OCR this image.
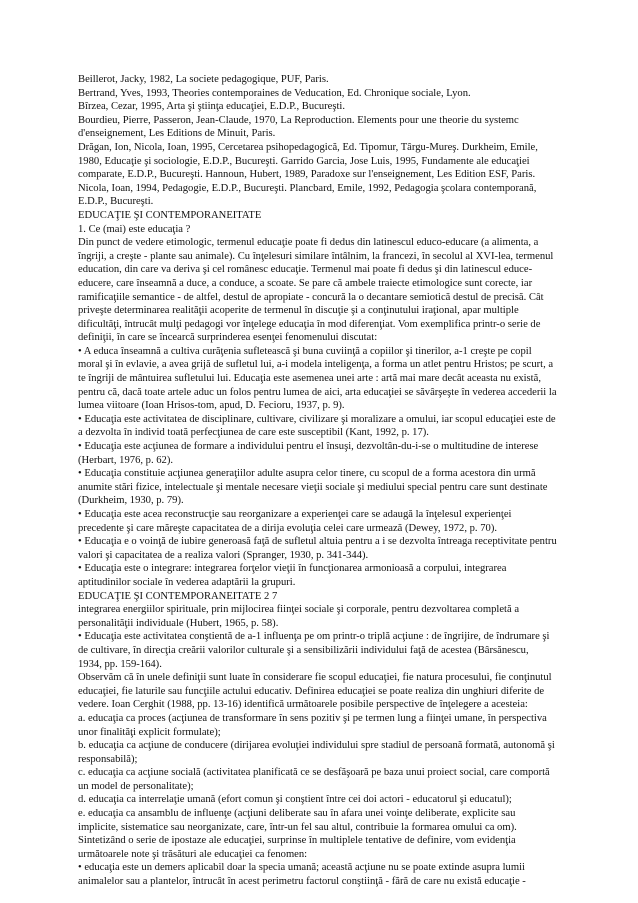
Beillerot, Jacky, 1982, La societe pedagogique, PUF, Paris.
Bertrand, Yves, 1993, Theories contemporaines de Veducation, Ed. Chronique sociale, Lyon.
Bîrzea, Cezar, 1995, Arta şi ştiinţa educaţiei, E.D.P., Bucureşti.
Bourdieu, Pierre, Passeron, Jean-Claude, 1970, La Reproduction. Elements pour une theorie du systemc
d'enseignement, Les Editions de Minuit, Paris.
Drăgan, Ion, Nicola, Ioan, 1995, Cercetarea psihopedagogică, Ed. Tipomur, Târgu-Mureş. Durkheim, Emile,
1980, Educaţie şi sociologie, E.D.P., Bucureşti. Garrido Garcia, Jose Luis, 1995, Fundamente ale educaţiei
comparate, E.D.P., Bucureşti. Hannoun, Hubert, 1989, Paradoxe sur l'enseignement, Les Edition ESF, Paris.
Nicola, Ioan, 1994, Pedagogie, E.D.P., Bucureşti. Plancbard, Emile, 1992, Pedagogia şcolara contemporană,
E.D.P., Bucureşti.
EDUCAŢIE ŞI CONTEMPORANEITATE
1. Ce (mai) este educaţia ?
Din punct de vedere etimologic, termenul educaţie poate fi dedus din latinescul educo-educare (a alimenta, a
îngriji, a creşte - plante sau animale). Cu înţelesuri similare întâlnim, la francezi, în secolul al XVI-lea, termenul
education, din care va deriva şi cel românesc educaţie. Termenul mai poate fi dedus şi din latinescul educe-
educere, care înseamnă a duce, a conduce, a scoate. Se pare că ambele traiecte etimologice sunt corecte, iar
ramificaţiile semantice - de altfel, destul de apropiate - concură la o decantare semiotică destul de precisă. Cât
priveşte determinarea realităţii acoperite de termenul în discuţie şi a conţinutului iraţional, apar multiple
dificultăţi, întrucât mulţi pedagogi vor înţelege educaţia în mod diferenţiat. Vom exemplifica printr-o serie de
definiţii, în care se încearcă surprinderea esenţei fenomenului discutat:
• A educa înseamnă a cultiva curăţenia sufletească şi buna cuviinţă a copiilor şi tinerilor, a-1 creşte pe copil
moral şi în evlavie, a avea grijă de sufletul lui, a-i modela inteligenţa, a forma un atlet pentru Hristos; pe scurt, a
te îngriji de mântuirea sufletului lui. Educaţia este asemenea unei arte : artă mai mare decât aceasta nu există,
pentru că, dacă toate artele aduc un folos pentru lumea de aici, arta educaţiei se săvârşeşte în vederea accederii la
lumea viitoare (Ioan Hrisos-tom, apud, D. Fecioru, 1937, p. 9).
• Educaţia este activitatea de disciplinare, cultivare, civilizare şi moralizare a omului, iar scopul educaţiei este de
a dezvolta în individ toată perfecţiunea de care este susceptibil (Kant, 1992, p. 17).
• Educaţia este acţiunea de formare a individului pentru el însuşi, dezvoltân-du-i-se o multitudine de interese
(Herbart, 1976, p. 62).
• Educaţia constituie acţiunea generaţiilor adulte asupra celor tinere, cu scopul de a forma acestora din urmă
anumite stări fizice, intelectuale şi mentale necesare vieţii sociale şi mediului special pentru care sunt destinate
(Durkheim, 1930, p. 79).
• Educaţia este acea reconstrucţie sau reorganizare a experienţei care se adaugă la înţelesul experienţei
precedente şi care măreşte capacitatea de a dirija evoluţia celei care urmează (Dewey, 1972, p. 70).
• Educaţia e o voinţă de iubire generoasă faţă de sufletul altuia pentru a i se dezvolta întreaga receptivitate pentru
valori şi capacitatea de a realiza valori (Spranger, 1930, p. 341-344).
• Educaţia este o integrare: integrarea forţelor vieţii în funcţionarea armonioasă a corpului, integrarea
aptitudinilor sociale în vederea adaptării la grupuri.
EDUCAŢIE ŞI CONTEMPORANEITATE 2 7
integrarea energiilor spirituale, prin mijlocirea fiinţei sociale şi corporale, pentru dezvoltarea completă a
personalităţii individuale (Hubert, 1965, p. 58).
• Educaţia este activitatea conştientă de a-1 influenţa pe om printr-o triplă acţiune : de îngrijire, de îndrumare şi
de cultivare, în direcţia creării valorilor culturale şi a sensibilizării individului faţă de acestea (Bârsănescu,
1934, pp. 159-164).
Observăm că în unele definiţii sunt luate în considerare fie scopul educaţiei, fie natura procesului, fie conţinutul
educaţiei, fie laturile sau funcţiile actului educativ. Definirea educaţiei se poate realiza din unghiuri diferite de
vedere. Ioan Cerghit (1988, pp. 13-16) identifică următoarele posibile perspective de înţelegere a acesteia:
a. educaţia ca proces (acţiunea de transformare în sens pozitiv şi pe termen lung a fiinţei umane, în perspectiva
unor finalităţi explicit formulate);
b. educaţia ca acţiune de conducere (dirijarea evoluţiei individului spre stadiul de persoană formată, autonomă şi
responsabilă);
c. educaţia ca acţiune socială (activitatea planificată ce se desfăşoară pe baza unui proiect social, care comportă
un model de personalitate);
d. educaţia ca interrelaţie umană (efort comun şi conştient între cei doi actori - educatorul şi educatul);
e. educaţia ca ansamblu de influenţe (acţiuni deliberate sau în afara unei voinţe deliberate, explicite sau
implicite, sistematice sau neorganizate, care, într-un fel sau altul, contribuie la formarea omului ca om).
Sintetizând o serie de ipostaze ale educaţiei, surprinse în multiplele tentative de definire, vom evidenţia
următoarele note şi trăsături ale educaţiei ca fenomen:
• educaţia este un demers aplicabil doar la specia umană; această acţiune nu se poate extinde asupra lumii
animalelor sau a plantelor, întrucât în acest perimetru factorul conştiinţă - fără de care nu există educaţie -
